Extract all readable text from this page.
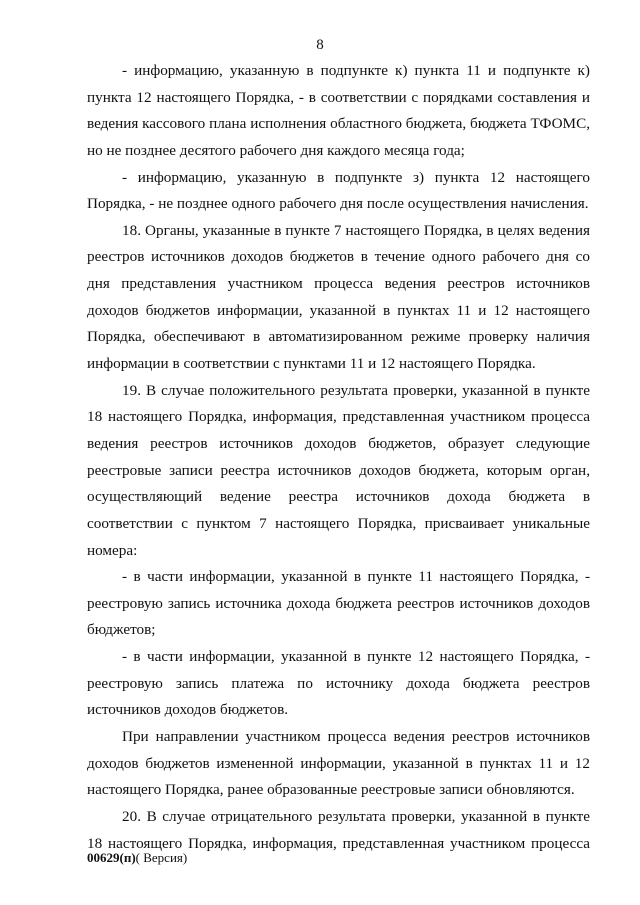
8
- информацию, указанную в подпункте к) пункта 11 и подпункте к)
пункта 12 настоящего Порядка, - в соответствии с порядками составления и
ведения кассового плана исполнения областного бюджета, бюджета ТФОМС,
но не позднее десятого рабочего дня каждого месяца года;
- информацию, указанную в подпункте з) пункта 12 настоящего
Порядка, - не позднее одного рабочего дня после осуществления начисления.
18. Органы, указанные в пункте 7 настоящего Порядка, в целях ведения
реестров источников доходов бюджетов в течение одного рабочего дня со
дня представления участником процесса ведения реестров источников
доходов бюджетов информации, указанной в пунктах 11 и 12 настоящего
Порядка, обеспечивают в автоматизированном режиме проверку наличия
информации в соответствии с пунктами 11 и 12 настоящего Порядка.
19. В случае положительного результата проверки, указанной в пункте
18 настоящего Порядка, информация, представленная участником процесса
ведения реестров источников доходов бюджетов, образует следующие
реестровые записи реестра источников доходов бюджета, которым орган,
осуществляющий ведение реестра источников дохода бюджета в
соответствии с пунктом 7 настоящего Порядка, присваивает уникальные
номера:
- в части информации, указанной в пункте 11 настоящего Порядка, -
реестровую запись источника дохода бюджета реестров источников доходов
бюджетов;
- в части информации, указанной в пункте 12 настоящего Порядка, -
реестровую запись платежа по источнику дохода бюджета реестров
источников доходов бюджетов.
При направлении участником процесса ведения реестров источников
доходов бюджетов измененной информации, указанной в пунктах 11 и 12
настоящего Порядка, ранее образованные реестровые записи обновляются.
20. В случае отрицательного результата проверки, указанной в пункте
18 настоящего Порядка, информация, представленная участником процесса
00629(п)( Версия)
